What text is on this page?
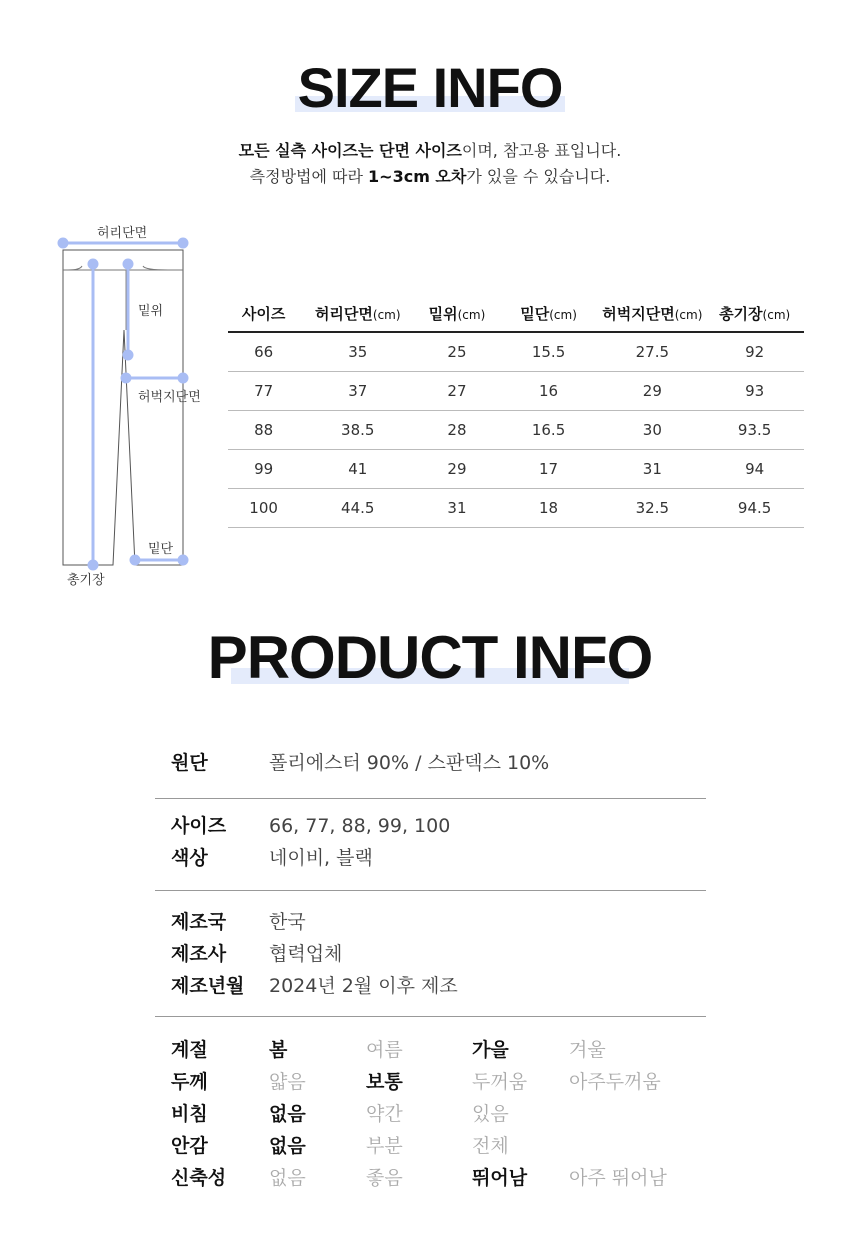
SIZE INFO
모든 실측 사이즈는 단면 사이즈이며, 참고용 표입니다.
측정방법에 따라 1~3cm 오차가 있을 수 있습니다.
허리단면
밑위
허벅지단면
밑단
총기장
사이즈	허리단면(cm)	밑위(cm)	밑단(cm)	허벅지단면(cm)	총기장(cm)
66	35	25	15.5	27.5	92
77	37	27	16	29	93
88	38.5	28	16.5	30	93.5
99	41	29	17	31	94
100	44.5	31	18	32.5	94.5
PRODUCT INFO
원단	폴리에스터 90% / 스판덱스 10%
사이즈	66, 77, 88, 99, 100
색상	네이비, 블랙
제조국	한국
제조사	협력업체
제조년월	2024년 2월 이후 제조
계절	봄	여름	가을	겨울
두께	얇음	보통	두꺼움	아주두꺼움
비침	없음	약간	있음
안감	없음	부분	전체
신축성	없음	좋음	뛰어남	아주 뛰어남
